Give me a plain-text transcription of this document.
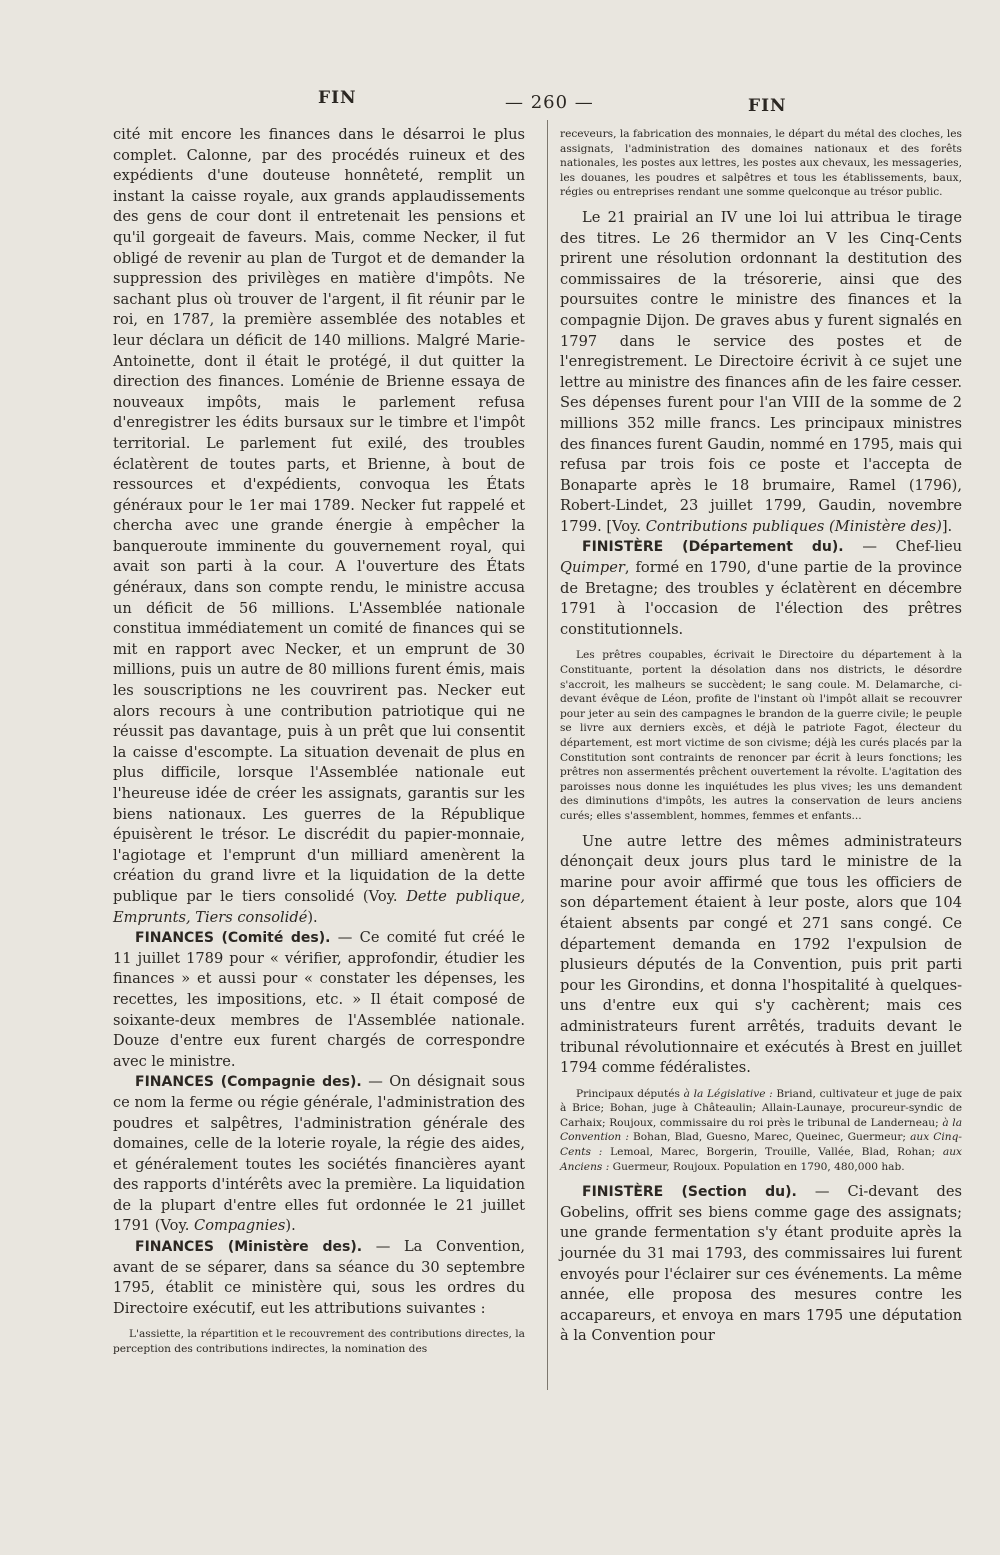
FIN	— 260 —	FIN

cité mit encore les finances dans le désarroi le plus complet. Calonne, par des procédés ruineux et des expédients d'une douteuse honnêteté, remplit un instant la caisse royale, aux grands applaudissements des gens de cour dont il entretenait les pensions et qu'il gorgeait de faveurs. Mais, comme Necker, il fut obligé de revenir au plan de Turgot et de demander la suppression des privilèges en matière d'impôts. Ne sachant plus où trouver de l'argent, il fit réunir par le roi, en 1787, la première assemblée des notables et leur déclara un déficit de 140 millions. Malgré Marie-Antoinette, dont il était le protégé, il dut quitter la direction des finances. Loménie de Brienne essaya de nouveaux impôts, mais le parlement refusa d'enregistrer les édits bursaux sur le timbre et l'impôt territorial. Le parlement fut exilé, des troubles éclatèrent de toutes parts, et Brienne, à bout de ressources et d'expédients, convoqua les États généraux pour le 1er mai 1789. Necker fut rappelé et chercha avec une grande énergie à empêcher la banqueroute imminente du gouvernement royal, qui avait son parti à la cour. A l'ouverture des États généraux, dans son compte rendu, le ministre accusa un déficit de 56 millions. L'Assemblée nationale constitua immédiatement un comité de finances qui se mit en rapport avec Necker, et un emprunt de 30 millions, puis un autre de 80 millions furent émis, mais les souscriptions ne les couvrirent pas. Necker eut alors recours à une contribution patriotique qui ne réussit pas davantage, puis à un prêt que lui consentit la caisse d'escompte. La situation devenait de plus en plus difficile, lorsque l'Assemblée nationale eut l'heureuse idée de créer les assignats, garantis sur les biens nationaux. Les guerres de la République épuisèrent le trésor. Le discrédit du papier-monnaie, l'agiotage et l'emprunt d'un milliard amenèrent la création du grand livre et la liquidation de la dette publique par le tiers consolidé (Voy. Dette publique, Emprunts, Tiers consolidé).

FINANCES (Comité des). — Ce comité fut créé le 11 juillet 1789 pour « vérifier, approfondir, étudier les finances » et aussi pour « constater les dépenses, les recettes, les impositions, etc. » Il était composé de soixante-deux membres de l'Assemblée nationale. Douze d'entre eux furent chargés de correspondre avec le ministre.

FINANCES (Compagnie des). — On désignait sous ce nom la ferme ou régie générale, l'administration des poudres et salpêtres, l'administration générale des domaines, celle de la loterie royale, la régie des aides, et généralement toutes les sociétés financières ayant des rapports d'intérêts avec la première. La liquidation de la plupart d'entre elles fut ordonnée le 21 juillet 1791 (Voy. Compagnies).

FINANCES (Ministère des). — La Convention, avant de se séparer, dans sa séance du 30 septembre 1795, établit ce ministère qui, sous les ordres du Directoire exécutif, eut les attributions suivantes :

L'assiette, la répartition et le recouvrement des contributions directes, la perception des contributions indirectes, la nomination des

receveurs, la fabrication des monnaies, le départ du métal des cloches, les assignats, l'administration des domaines nationaux et des forêts nationales, les postes aux lettres, les postes aux chevaux, les messageries, les douanes, les poudres et salpêtres et tous les établissements, baux, régies ou entreprises rendant une somme quelconque au trésor public.

Le 21 prairial an IV une loi lui attribua le tirage des titres. Le 26 thermidor an V les Cinq-Cents prirent une résolution ordonnant la destitution des commissaires de la trésorerie, ainsi que des poursuites contre le ministre des finances et la compagnie Dijon. De graves abus y furent signalés en 1797 dans le service des postes et de l'enregistrement. Le Directoire écrivit à ce sujet une lettre au ministre des finances afin de les faire cesser. Ses dépenses furent pour l'an VIII de la somme de 2 millions 352 mille francs. Les principaux ministres des finances furent Gaudin, nommé en 1795, mais qui refusa par trois fois ce poste et l'accepta de Bonaparte après le 18 brumaire, Ramel (1796), Robert-Lindet, 23 juillet 1799, Gaudin, novembre 1799. [Voy. Contributions publiques (Ministère des)].

FINISTÈRE (Département du). — Chef-lieu Quimper, formé en 1790, d'une partie de la province de Bretagne; des troubles y éclatèrent en décembre 1791 à l'occasion de l'élection des prêtres constitutionnels.

Les prêtres coupables, écrivait le Directoire du département à la Constituante, portent la désolation dans nos districts, le désordre s'accroit, les malheurs se succèdent; le sang coule. M. Delamarche, ci-devant évêque de Léon, profite de l'instant où l'impôt allait se recouvrer pour jeter au sein des campagnes le brandon de la guerre civile; le peuple se livre aux derniers excès, et déjà le patriote Fagot, électeur du département, est mort victime de son civisme; déjà les curés placés par la Constitution sont contraints de renoncer par écrit à leurs fonctions; les prêtres non assermentés prêchent ouvertement la révolte. L'agitation des paroisses nous donne les inquiétudes les plus vives; les uns demandent des diminutions d'impôts, les autres la conservation de leurs anciens curés; elles s'assemblent, hommes, femmes et enfants...

Une autre lettre des mêmes administrateurs dénonçait deux jours plus tard le ministre de la marine pour avoir affirmé que tous les officiers de son département étaient à leur poste, alors que 104 étaient absents par congé et 271 sans congé. Ce département demanda en 1792 l'expulsion de plusieurs députés de la Convention, puis prit parti pour les Girondins, et donna l'hospitalité à quelques-uns d'entre eux qui s'y cachèrent; mais ces administrateurs furent arrêtés, traduits devant le tribunal révolutionnaire et exécutés à Brest en juillet 1794 comme fédéralistes.

Principaux députés à la Législative : Briand, cultivateur et juge de paix à Brice; Bohan, juge à Châteaulin; Allain-Launaye, procureur-syndic de Carhaix; Roujoux, commissaire du roi près le tribunal de Landerneau; à la Convention : Bohan, Blad, Guesno, Marec, Queinec, Guermeur; aux Cinq-Cents : Lemoal, Marec, Borgerin, Trouille, Vallée, Blad, Rohan; aux Anciens : Guermeur, Roujoux. Population en 1790, 480,000 hab.

FINISTÈRE (Section du). — Ci-devant des Gobelins, offrit ses biens comme gage des assignats; une grande fermentation s'y étant produite après la journée du 31 mai 1793, des commissaires lui furent envoyés pour l'éclairer sur ces événements. La même année, elle proposa des mesures contre les accapareurs, et envoya en mars 1795 une députation à la Convention pour
